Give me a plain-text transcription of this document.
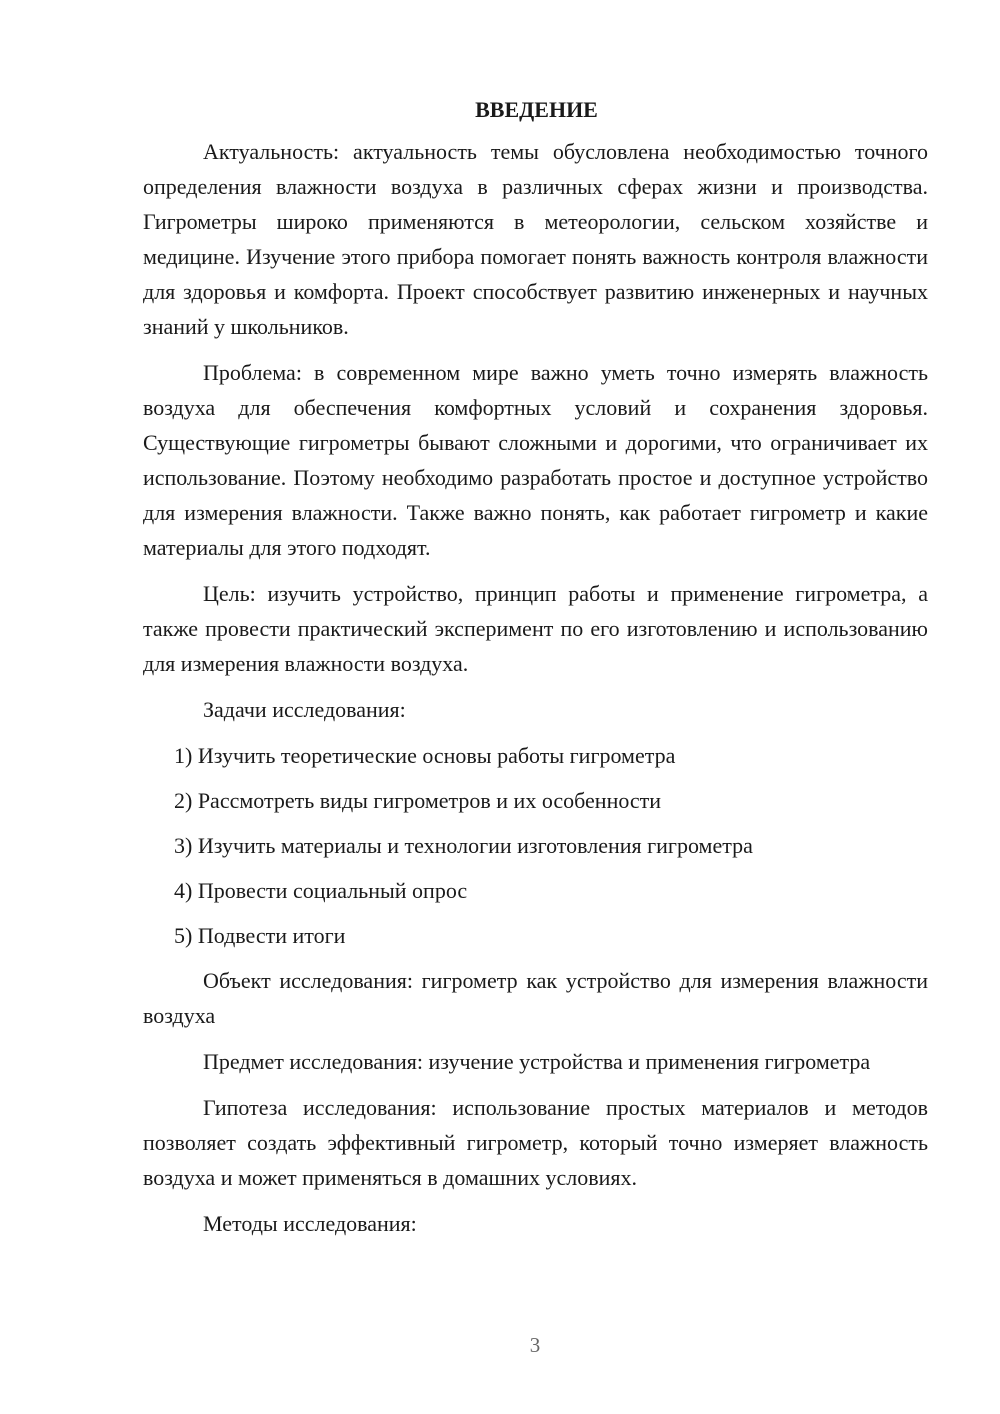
ВВЕДЕНИЕ

Актуальность: актуальность темы обусловлена необходимостью точного определения влажности воздуха в различных сферах жизни и производства. Гигрометры широко применяются в метеорологии, сельском хозяйстве и медицине. Изучение этого прибора помогает понять важность контроля влажности для здоровья и комфорта. Проект способствует развитию инженерных и научных знаний у школьников.

Проблема: в современном мире важно уметь точно измерять влажность воздуха для обеспечения комфортных условий и сохранения здоровья. Существующие гигрометры бывают сложными и дорогими, что ограничивает их использование. Поэтому необходимо разработать простое и доступное устройство для измерения влажности. Также важно понять, как работает гигрометр и какие материалы для этого подходят.

Цель: изучить устройство, принцип работы и применение гигрометра, а также провести практический эксперимент по его изготовлению и использованию для измерения влажности воздуха.

Задачи исследования:

1) Изучить теоретические основы работы гигрометра
2) Рассмотреть виды гигрометров и их особенности
3) Изучить материалы и технологии изготовления гигрометра
4) Провести социальный опрос
5) Подвести итоги

Объект исследования: гигрометр как устройство для измерения влажности воздуха

Предмет исследования: изучение устройства и применения гигрометра

Гипотеза исследования: использование простых материалов и методов позволяет создать эффективный гигрометр, который точно измеряет влажность воздуха и может применяться в домашних условиях.

Методы исследования:

3
